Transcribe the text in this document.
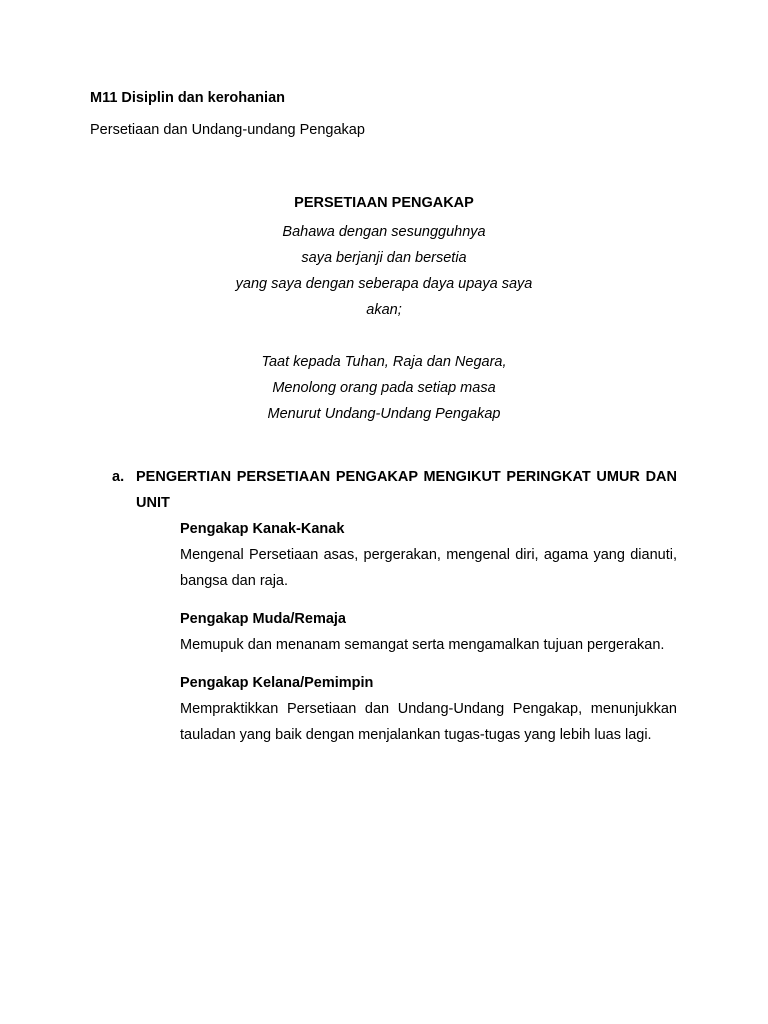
M11 Disiplin dan kerohanian
Persetiaan dan Undang-undang Pengakap
PERSETIAAN PENGAKAP
Bahawa dengan sesungguhnya
saya berjanji dan bersetia
yang saya dengan seberapa daya upaya saya
akan;
Taat kepada Tuhan, Raja dan Negara,
Menolong orang pada setiap masa
Menurut Undang-Undang Pengakap
a. PENGERTIAN PERSETIAAN PENGAKAP MENGIKUT PERINGKAT UMUR DAN UNIT
Pengakap Kanak-Kanak
Mengenal Persetiaan asas, pergerakan, mengenal diri, agama yang dianuti, bangsa dan raja.
Pengakap Muda/Remaja
Memupuk dan menanam semangat serta mengamalkan tujuan pergerakan.
Pengakap Kelana/Pemimpin
Mempraktikkan Persetiaan dan Undang-Undang Pengakap, menunjukkan tauladan yang baik dengan menjalankan tugas-tugas yang lebih luas lagi.
